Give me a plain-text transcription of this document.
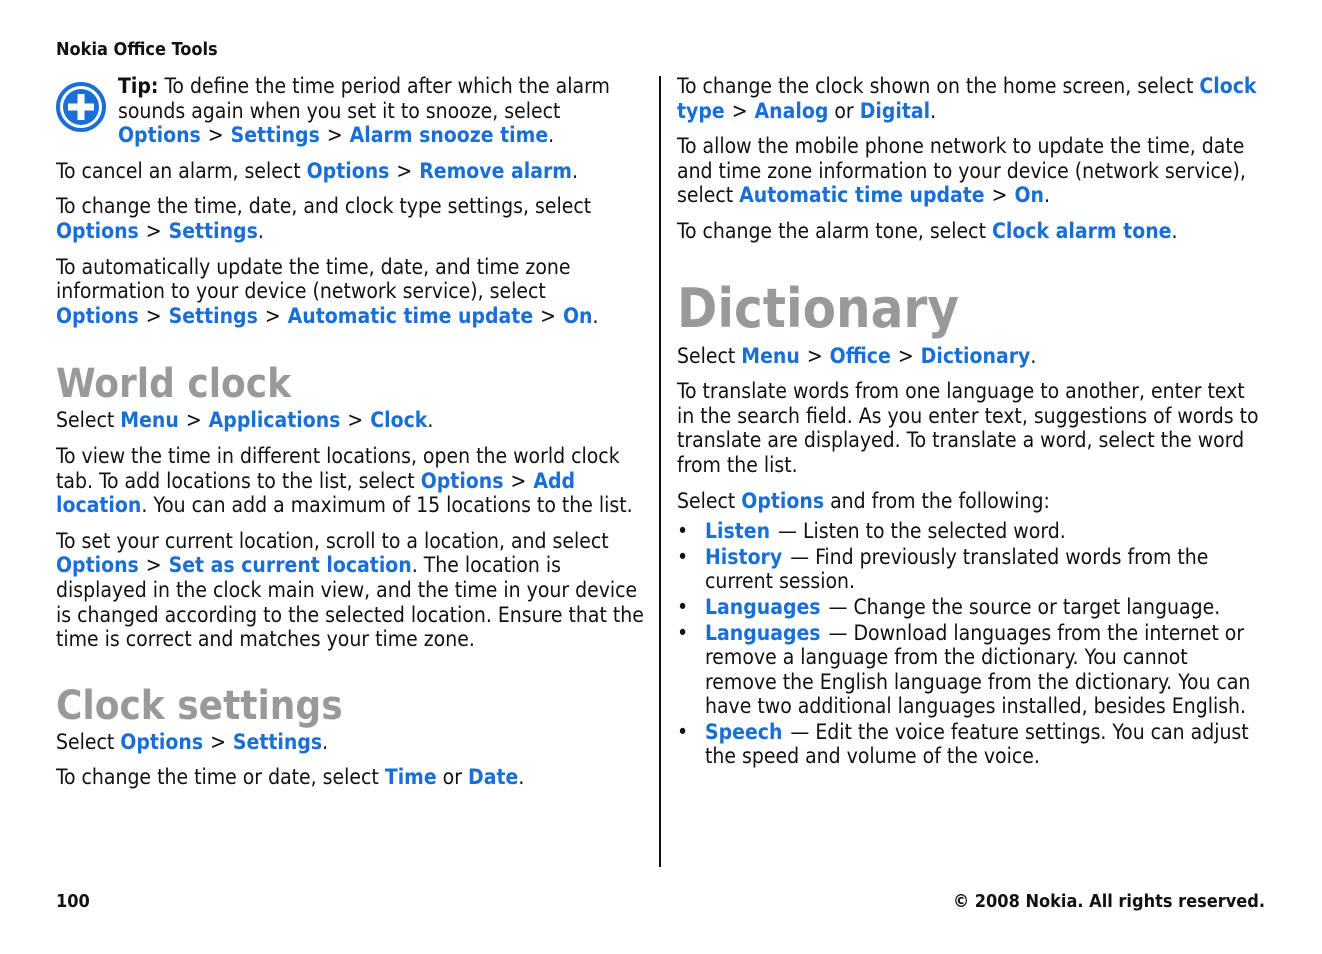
Nokia Office Tools
Tip: To define the time period after which the alarm sounds again when you set it to snooze, select Options > Settings > Alarm snooze time.

To cancel an alarm, select Options > Remove alarm.

To change the time, date, and clock type settings, select Options > Settings.

To automatically update the time, date, and time zone information to your device (network service), select Options > Settings > Automatic time update > On.

World clock

Select Menu > Applications > Clock.

To view the time in different locations, open the world clock tab. To add locations to the list, select Options > Add location. You can add a maximum of 15 locations to the list.

To set your current location, scroll to a location, and select Options > Set as current location. The location is displayed in the clock main view, and the time in your device is changed according to the selected location. Ensure that the time is correct and matches your time zone.

Clock settings

Select Options > Settings.

To change the time or date, select Time or Date.

To change the clock shown on the home screen, select Clock type > Analog or Digital.

To allow the mobile phone network to update the time, date and time zone information to your device (network service), select Automatic time update > On.

To change the alarm tone, select Clock alarm tone.

Dictionary

Select Menu > Office > Dictionary.

To translate words from one language to another, enter text in the search field. As you enter text, suggestions of words to translate are displayed. To translate a word, select the word from the list.

Select Options and from the following:

• Listen — Listen to the selected word.
• History — Find previously translated words from the current session.
• Languages — Change the source or target language.
• Languages — Download languages from the internet or remove a language from the dictionary. You cannot remove the English language from the dictionary. You can have two additional languages installed, besides English.
• Speech — Edit the voice feature settings. You can adjust the speed and volume of the voice.
100	© 2008 Nokia. All rights reserved.
